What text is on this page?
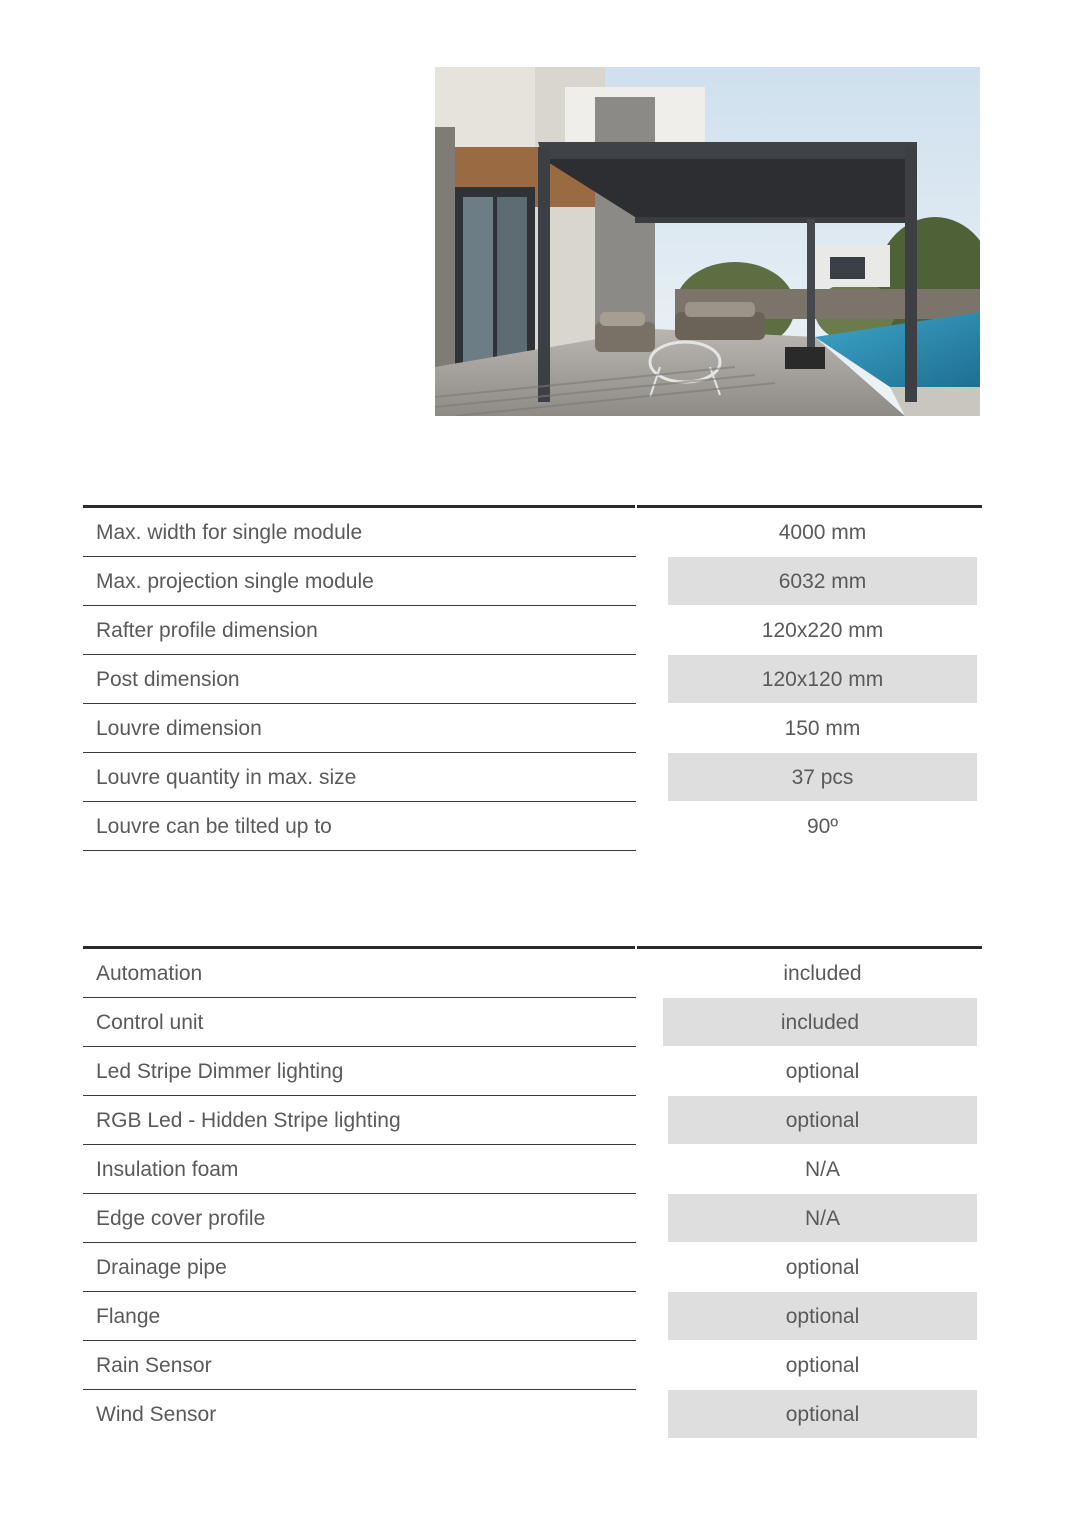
Max. width for single module	4000 mm
Max. projection single module	6032 mm
Rafter profile dimension	120x220 mm
Post dimension	120x120 mm
Louvre dimension	150 mm
Louvre quantity in max. size	37 pcs
Louvre can be tilted up to	90º
Automation	included
Control unit	included
Led Stripe Dimmer lighting	optional
RGB Led - Hidden Stripe lighting	optional
Insulation foam	N/A
Edge cover profile	N/A
Drainage pipe	optional
Flange	optional
Rain Sensor	optional
Wind Sensor	optional
